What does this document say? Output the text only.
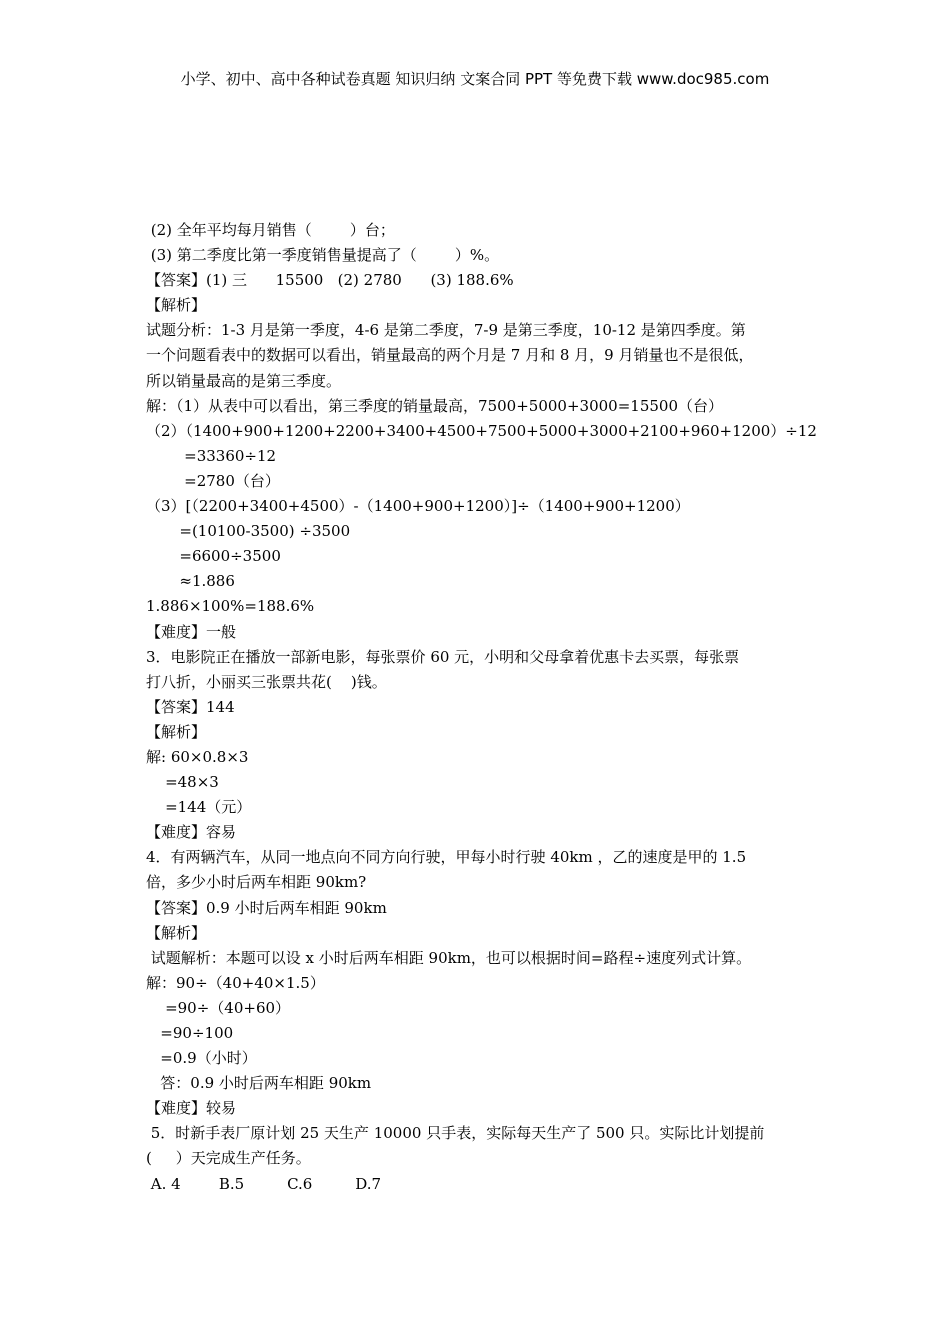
小学、初中、高中各种试卷真题 知识归纳 文案合同 PPT 等免费下载 www.doc985.com
(2) 全年平均每月销售（        ）台；
(3) 第二季度比第一季度销售量提高了（        ）%。
【答案】(1) 三      15500   (2) 2780      (3) 188.6%
【解析】
试题分析：1-3 月是第一季度，4-6 是第二季度，7-9 是第三季度，10-12 是第四季度。第
一个问题看表中的数据可以看出，销量最高的两个月是 7 月和 8 月，9 月销量也不是很低，
所以销量最高的是第三季度。
解：（1）从表中可以看出，第三季度的销量最高，7500+5000+3000=15500（台）
（2）（1400+900+1200+2200+3400+4500+7500+5000+3000+2100+960+1200）÷12
=33360÷12
=2780（台）
（3）[（2200+3400+4500）-（1400+900+1200）]÷（1400+900+1200）
=(10100-3500) ÷3500
=6600÷3500
≈1.886
1.886×100%=188.6%
【难度】一般
3．电影院正在播放一部新电影，每张票价 60 元，小明和父母拿着优惠卡去买票，每张票
打八折，小丽买三张票共花(    )钱。
【答案】144
【解析】
解: 60×0.8×3
=48×3
=144（元）
【难度】容易
4．有两辆汽车，从同一地点向不同方向行驶，甲每小时行驶 40km ，乙的速度是甲的 1.5
倍，多少小时后两车相距 90km?
【答案】0.9 小时后两车相距 90km
【解析】
试题解析：本题可以设 x 小时后两车相距 90km，也可以根据时间=路程÷速度列式计算。
解：90÷（40+40×1.5）
=90÷（40+60）
=90÷100
=0.9（小时）
答：0.9 小时后两车相距 90km
【难度】较易
5．时新手表厂原计划 25 天生产 10000 只手表，实际每天生产了 500 只。实际比计划提前
(     ）天完成生产任务。
A. 4        B.5         C.6         D.7
